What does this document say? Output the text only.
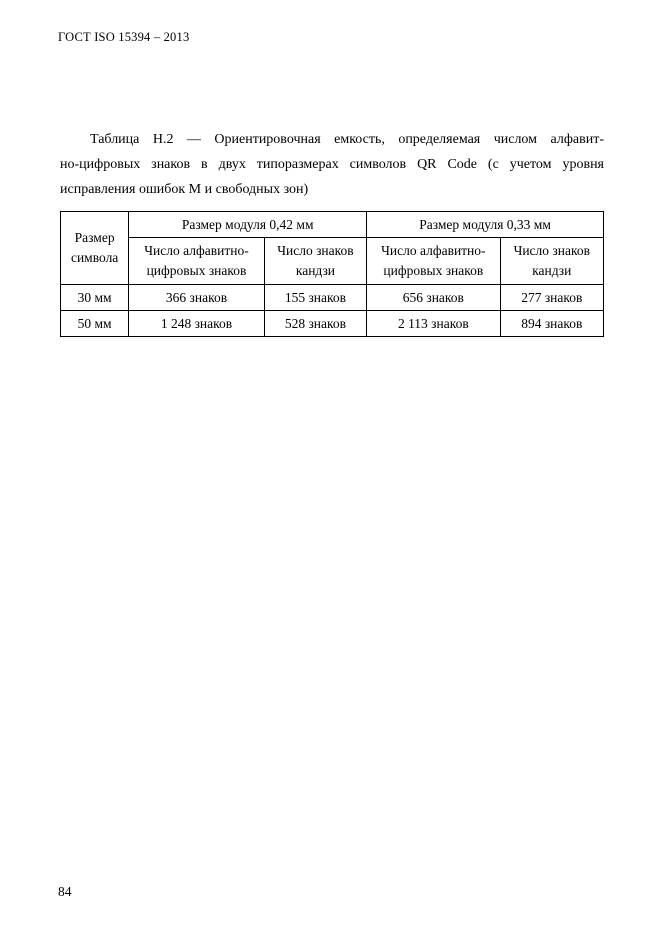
ГОСТ ISO 15394 – 2013

Таблица Н.2 — Ориентировочная емкость, определяемая числом алфавит-

но-цифровых знаков в двух типоразмерах символов QR Code (с учетом уровня

исправления ошибок М и свободных зон)

Размер
символа	Размер модуля 0,42 мм		Размер модуля 0,33 мм	
	Число алфавитно-
цифровых знаков	Число знаков
кандзи	Число алфавитно-
цифровых знаков	Число знаков
кандзи
30 мм	366 знаков	155 знаков	656 знаков	277 знаков
50 мм	1 248 знаков	528 знаков	2 113 знаков	894 знаков
84
